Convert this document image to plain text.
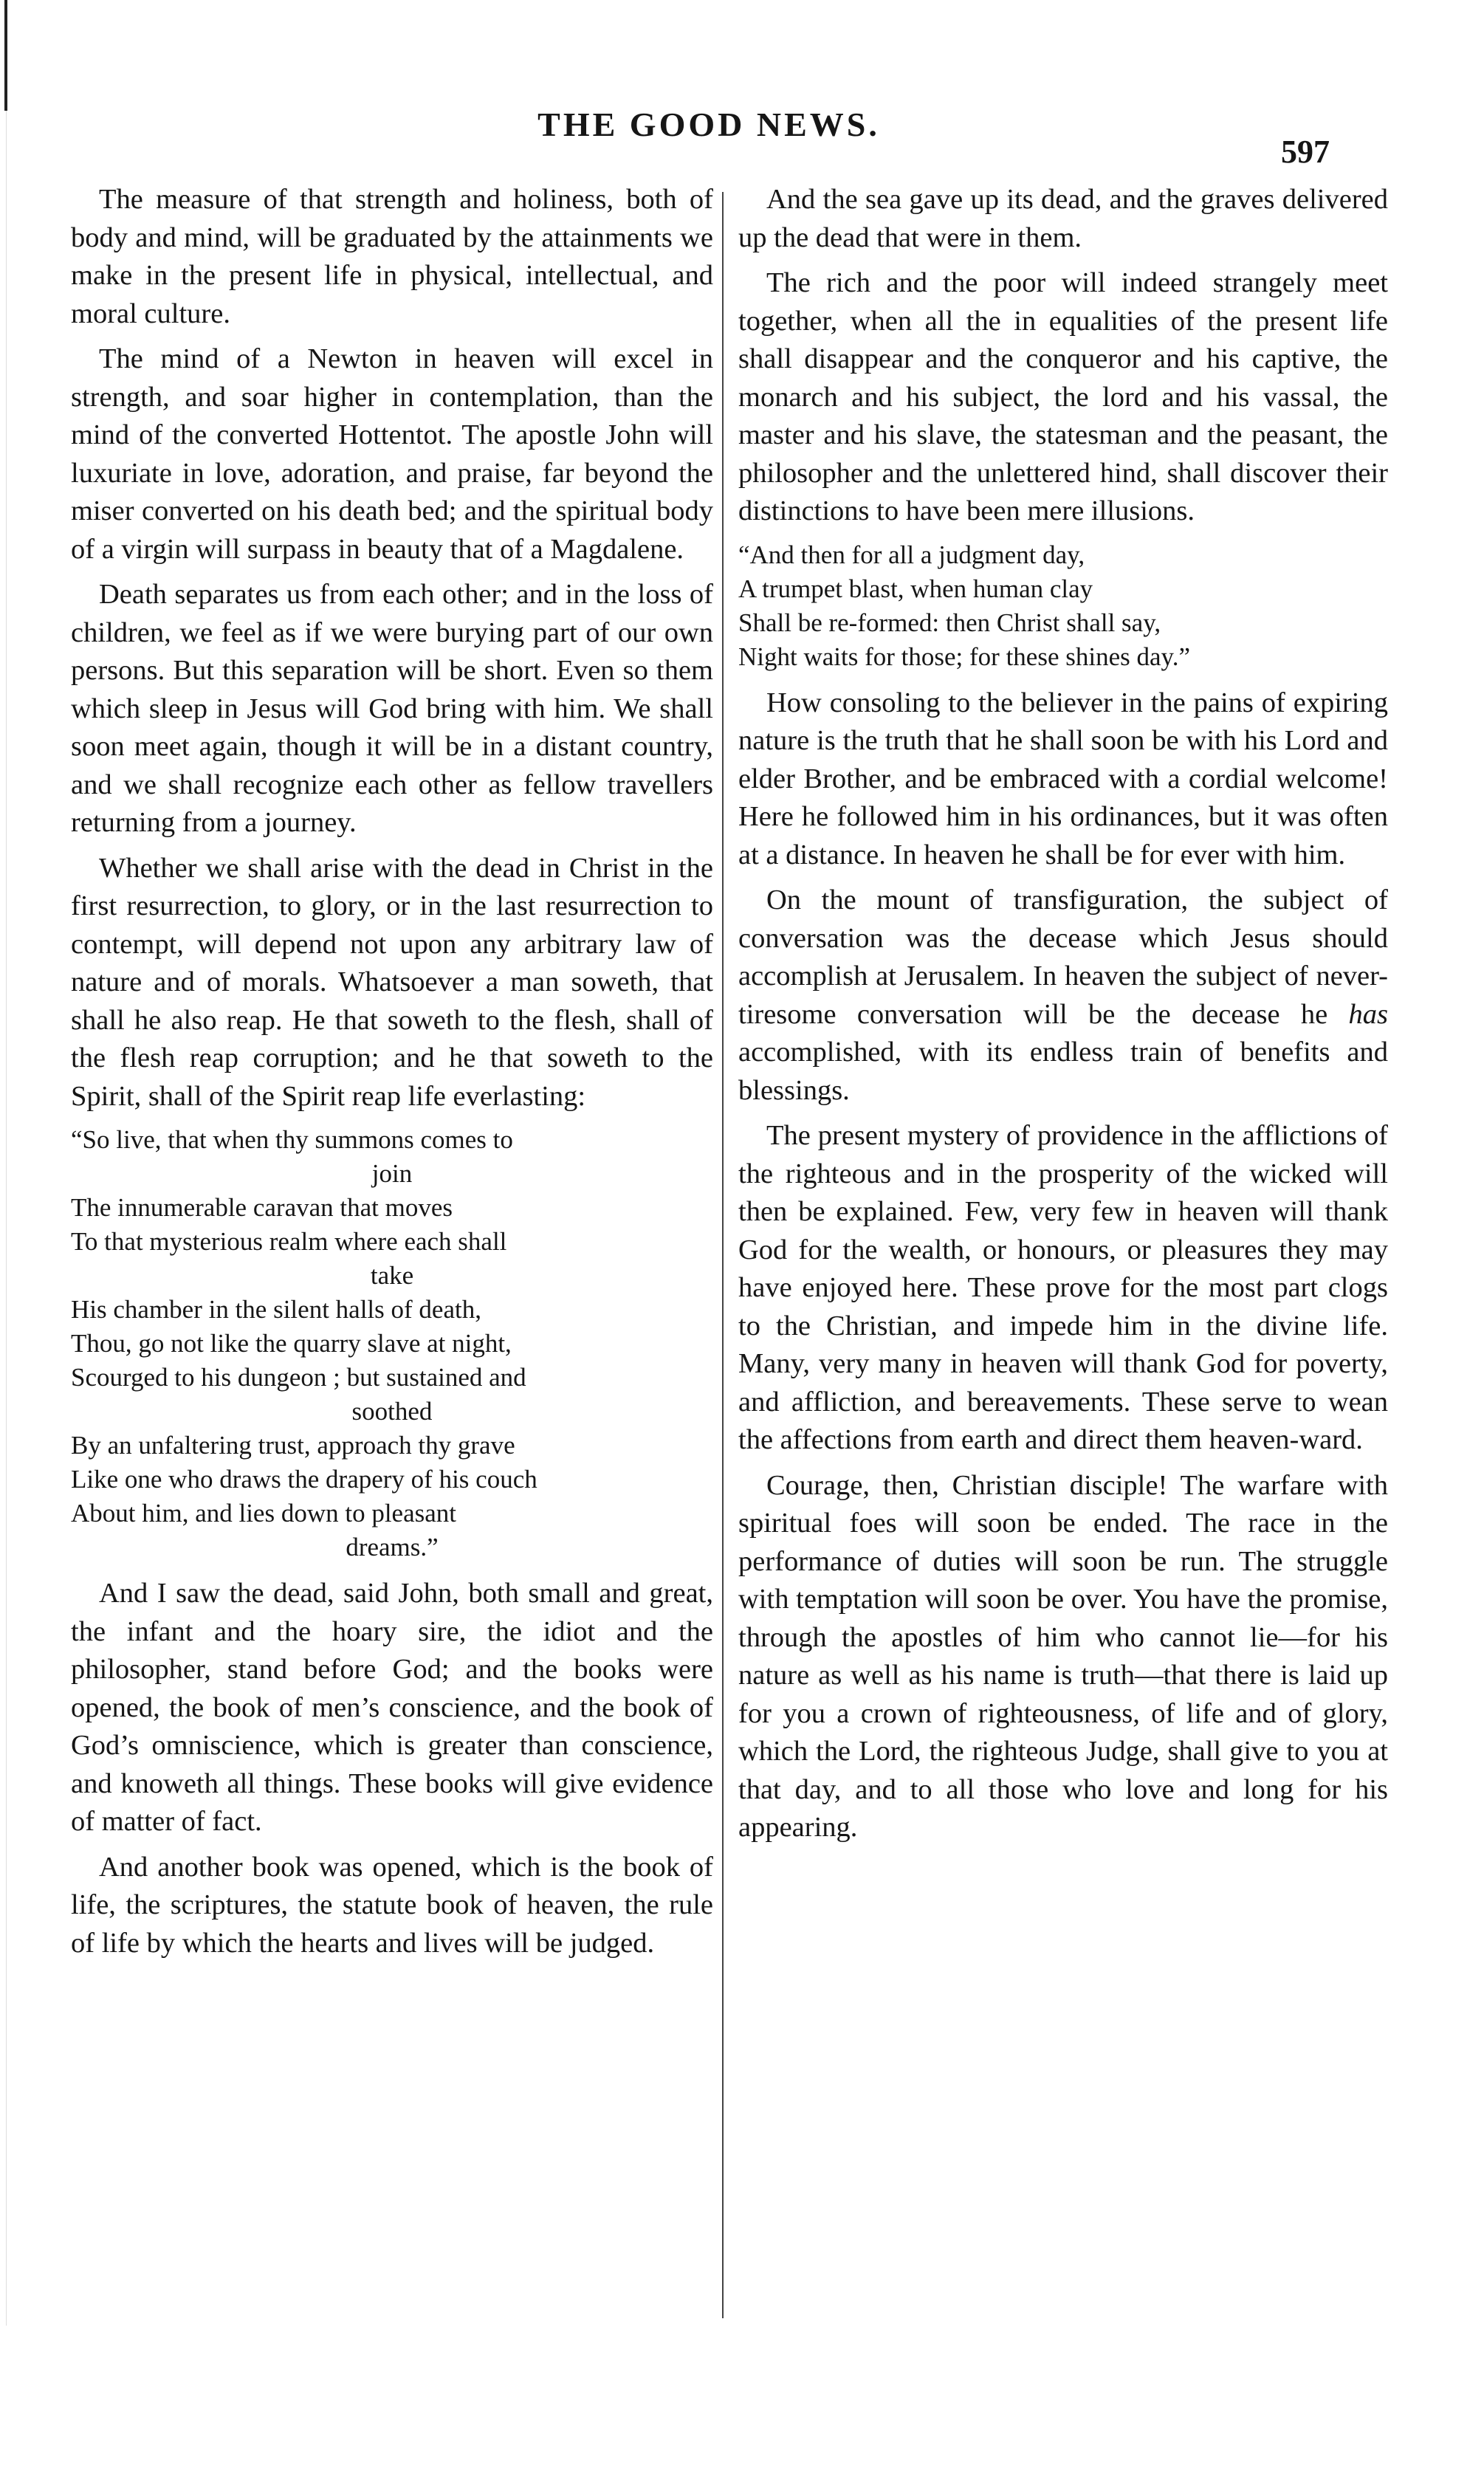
THE GOOD NEWS.
597

The measure of that strength and holiness, both of body and mind, will be graduated by the attainments we make in the present life in physical, intellectual, and moral culture.

The mind of a Newton in heaven will excel in strength, and soar higher in contemplation, than the mind of the converted Hottentot. The apostle John will luxuriate in love, adoration, and praise, far beyond the miser converted on his death bed; and the spiritual body of a virgin will surpass in beauty that of a Magdalene.

Death separates us from each other; and in the loss of children, we feel as if we were burying part of our own persons. But this separation will be short. Even so them which sleep in Jesus will God bring with him. We shall soon meet again, though it will be in a distant country, and we shall recognize each other as fellow travellers returning from a journey.

Whether we shall arise with the dead in Christ in the first resurrection, to glory, or in the last resurrection to contempt, will depend not upon any arbitrary law of nature and of morals. Whatsoever a man soweth, that shall he also reap. He that soweth to the flesh, shall of the flesh reap corruption; and he that soweth to the Spirit, shall of the Spirit reap life everlasting:

“So live, that when thy summons comes to
join
The innumerable caravan that moves
To that mysterious realm where each shall
take
His chamber in the silent halls of death,
Thou, go not like the quarry slave at night,
Scourged to his dungeon ; but sustained and
soothed
By an unfaltering trust, approach thy grave
Like one who draws the drapery of his couch
About him, and lies down to pleasant
dreams.”

And I saw the dead, said John, both small and great, the infant and the hoary sire, the idiot and the philosopher, stand before God; and the books were opened, the book of men’s conscience, and the book of God’s omniscience, which is greater than conscience, and knoweth all things. These books will give evidence of matter of fact.

And another book was opened, which is the book of life, the scriptures, the statute book of heaven, the rule of life by which the hearts and lives will be judged.

And the sea gave up its dead, and the graves delivered up the dead that were in them.

The rich and the poor will indeed strangely meet together, when all the in equalities of the present life shall disappear and the conqueror and his captive, the monarch and his subject, the lord and his vassal, the master and his slave, the statesman and the peasant, the philosopher and the unlettered hind, shall discover their distinctions to have been mere illusions.

“And then for all a judgment day,
A trumpet blast, when human clay
Shall be re-formed: then Christ shall say,
Night waits for those; for these shines day.”

How consoling to the believer in the pains of expiring nature is the truth that he shall soon be with his Lord and elder Brother, and be embraced with a cordial welcome! Here he followed him in his ordinances, but it was often at a distance. In heaven he shall be for ever with him.

On the mount of transfiguration, the subject of conversation was the decease which Jesus should accomplish at Jerusalem. In heaven the subject of never-tiresome conversation will be the decease he has accomplished, with its endless train of benefits and blessings.

The present mystery of providence in the afflictions of the righteous and in the prosperity of the wicked will then be explained. Few, very few in heaven will thank God for the wealth, or honours, or pleasures they may have enjoyed here. These prove for the most part clogs to the Christian, and impede him in the divine life. Many, very many in heaven will thank God for poverty, and affliction, and bereavements. These serve to wean the affections from earth and direct them heaven-ward.

Courage, then, Christian disciple! The warfare with spiritual foes will soon be ended. The race in the performance of duties will soon be run. The struggle with temptation will soon be over. You have the promise, through the apostles of him who cannot lie—for his nature as well as his name is truth—that there is laid up for you a crown of righteousness, of life and of glory, which the Lord, the righteous Judge, shall give to you at that day, and to all those who love and long for his appearing.
